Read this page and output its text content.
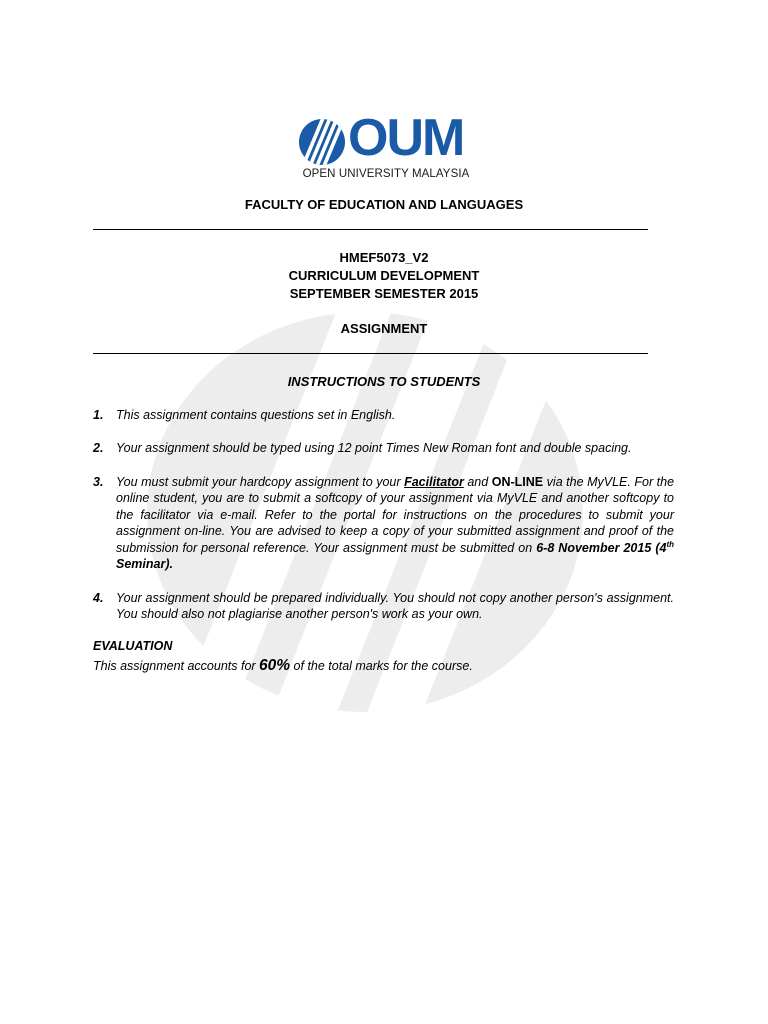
OUM
OPEN UNIVERSITY MALAYSIA
FACULTY OF EDUCATION AND LANGUAGES
HMEF5073_V2
CURRICULUM DEVELOPMENT
SEPTEMBER SEMESTER 2015
ASSIGNMENT
INSTRUCTIONS TO STUDENTS
1. This assignment contains questions set in English.
2. Your assignment should be typed using 12 point Times New Roman font and double spacing.
3. You must submit your hardcopy assignment to your Facilitator and ON-LINE via the MyVLE. For the online student, you are to submit a softcopy of your assignment via MyVLE and another softcopy to the facilitator via e-mail. Refer to the portal for instructions on the procedures to submit your assignment on-line. You are advised to keep a copy of your submitted assignment and proof of the submission for personal reference. Your assignment must be submitted on 6-8 November 2015 (4th Seminar).
4. Your assignment should be prepared individually. You should not copy another person's assignment. You should also not plagiarise another person's work as your own.
EVALUATION
This assignment accounts for 60% of the total marks for the course.
